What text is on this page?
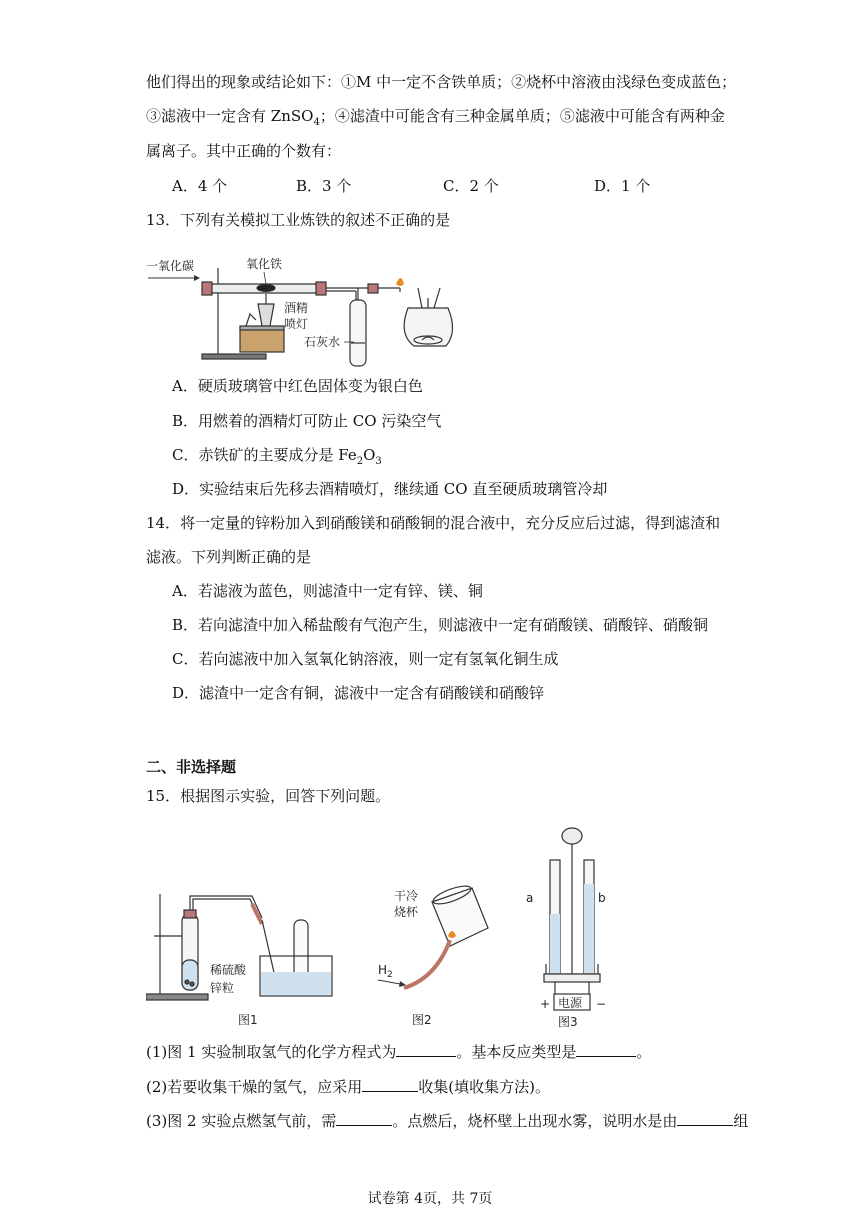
他们得出的现象或结论如下：①M 中一定不含铁单质；②烧杯中溶液由浅绿色变成蓝色；
③滤液中一定含有 ZnSO$_4$；④滤渣中可能含有三种金属单质；⑤滤液中可能含有两种金
属离子。其中正确的个数有：
A．4 个	B．3 个	C．2 个	D．1 个
13．下列有关模拟工业炼铁的叙述不正确的是
一氧化碳	氧化铁
酒精
喷灯
石灰水
A．硬质玻璃管中红色固体变为银白色
B．用燃着的酒精灯可防止 CO 污染空气
C．赤铁矿的主要成分是 $Fe_2O_3$
D．实验结束后先移去酒精喷灯，继续通 CO 直至硬质玻璃管冷却
14．将一定量的锌粉加入到硝酸镁和硝酸铜的混合液中，充分反应后过滤，得到滤渣和
滤液。下列判断正确的是
A．若滤液为蓝色，则滤渣中一定有锌、镁、铜
B．若向滤渣中加入稀盐酸有气泡产生，则滤液中一定有硝酸镁、硝酸锌、硝酸铜
C．若向滤液中加入氢氧化钠溶液，则一定有氢氧化铜生成
D．滤渣中一定含有铜，滤液中一定含有硝酸镁和硝酸锌
二、非选择题
15．根据图示实验，回答下列问题。
稀硫酸
锌粒
图1
干冷
烧杯
$H_2$
图2
a	b
电源
+	−
图3
(1)图 1 实验制取氢气的化学方程式为	。基本反应类型是	。
(2)若要收集干燥的氢气，应采用	收集(填收集方法)。
(3)图 2 实验点燃氢气前，需	。点燃后，烧杯壁上出现水雾，说明水是由	组
试卷第 4页，共 7页
